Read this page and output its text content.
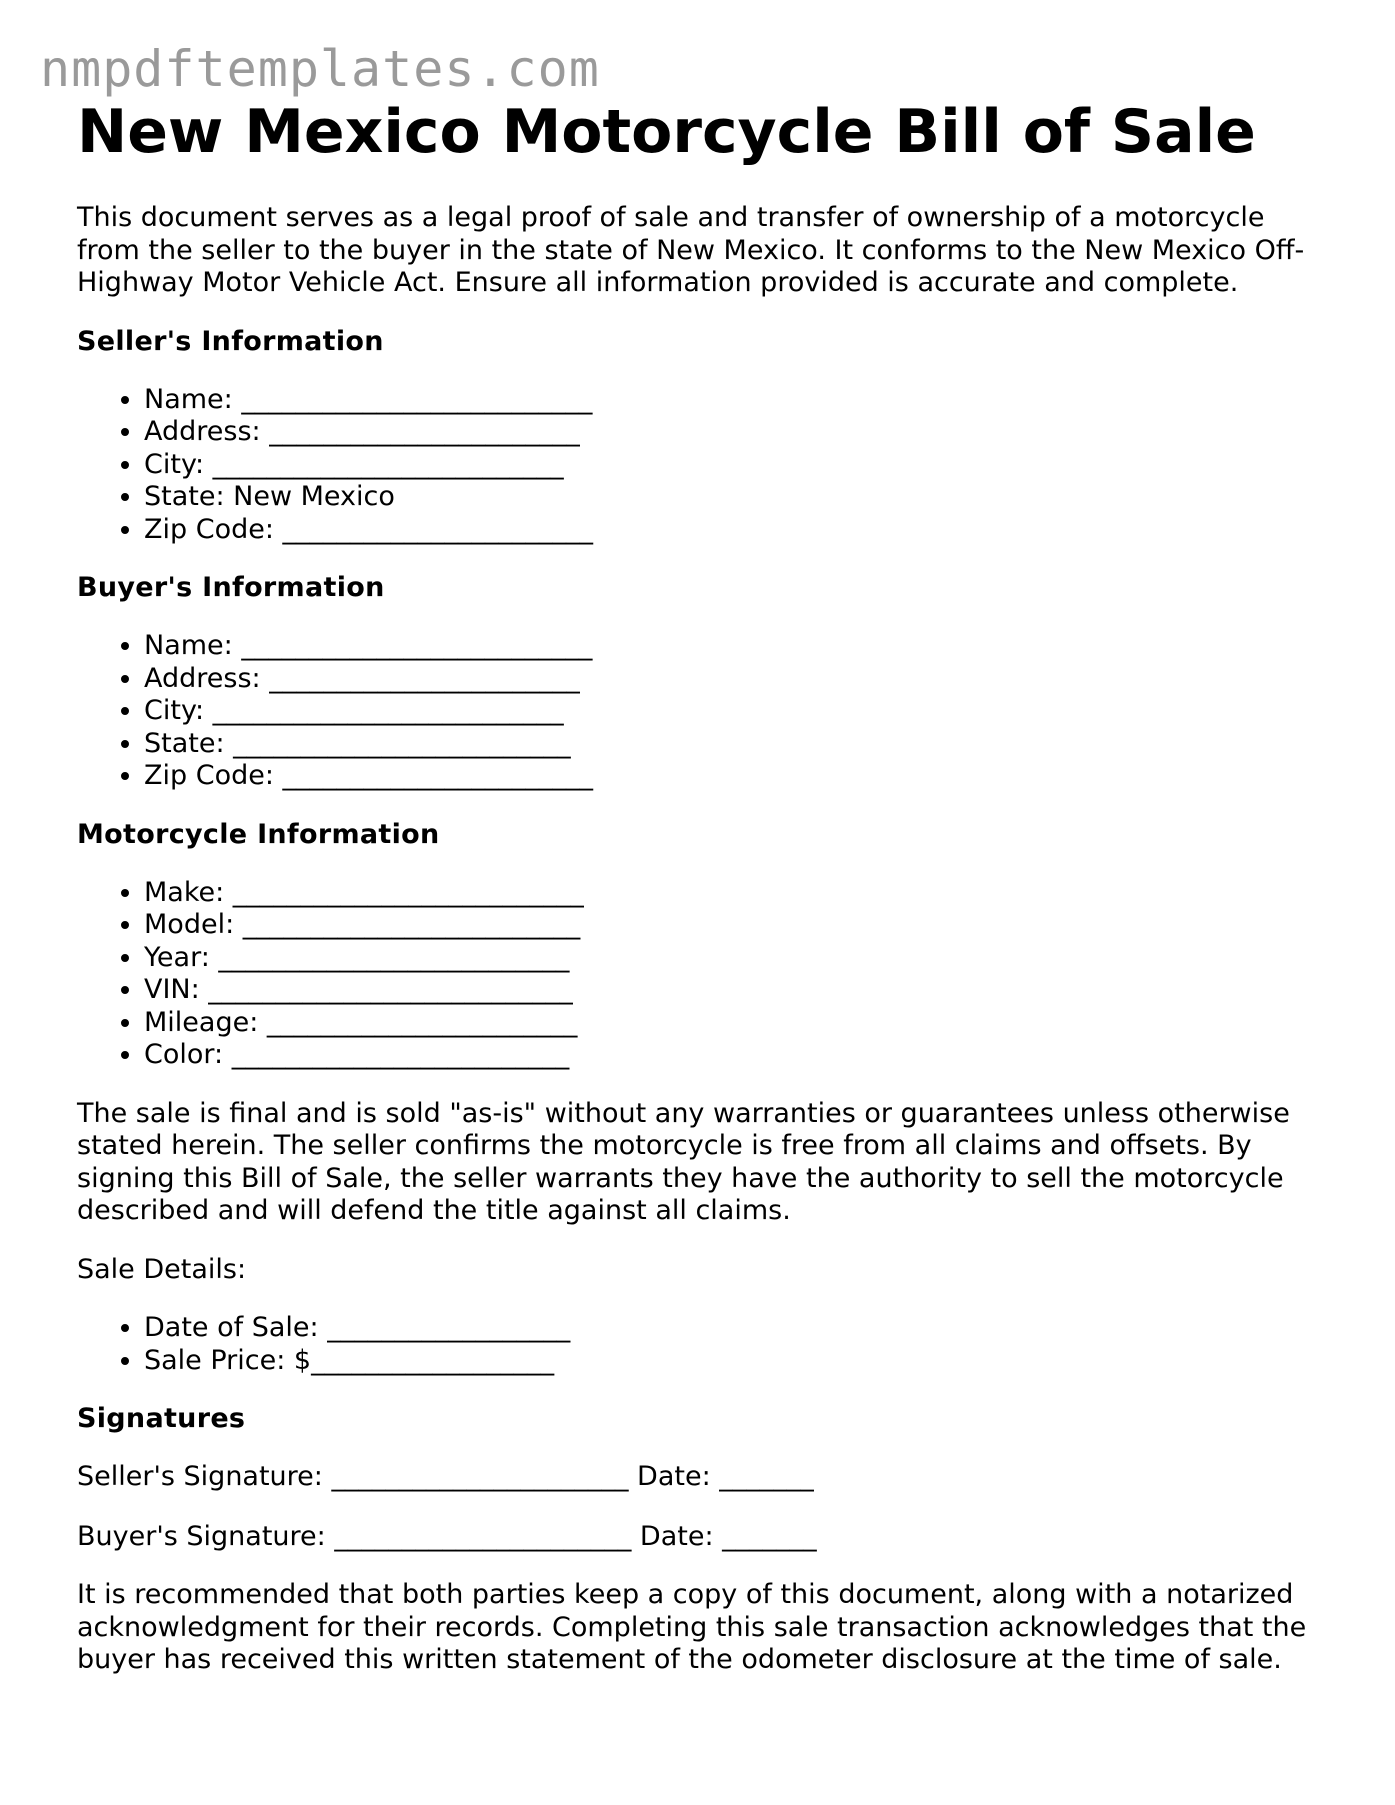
nmpdftemplates.com
New Mexico Motorcycle Bill of Sale

This document serves as a legal proof of sale and transfer of ownership of a motorcycle from the seller to the buyer in the state of New Mexico. It conforms to the New Mexico Off-Highway Motor Vehicle Act. Ensure all information provided is accurate and complete.

Seller's Information
• Name: __________________________
• Address: _______________________
• City: __________________________
• State: New Mexico
• Zip Code: _______________________
Buyer's Information
• Name: __________________________
• Address: _______________________
• City: __________________________
• State: _________________________
• Zip Code: _______________________
Motorcycle Information
• Make: __________________________
• Model: _________________________
• Year: __________________________
• VIN: ___________________________
• Mileage: _______________________
• Color: _________________________

The sale is final and is sold "as-is" without any warranties or guarantees unless otherwise stated herein. The seller confirms the motorcycle is free from all claims and offsets. By signing this Bill of Sale, the seller warrants they have the authority to sell the motorcycle described and will defend the title against all claims.

Sale Details:

• Date of Sale: __________________
• Sale Price: $__________________
Signatures

Seller's Signature: ______________________ Date: _______

Buyer's Signature: ______________________ Date: _______

It is recommended that both parties keep a copy of this document, along with a notarized acknowledgment for their records. Completing this sale transaction acknowledges that the buyer has received this written statement of the odometer disclosure at the time of sale.
